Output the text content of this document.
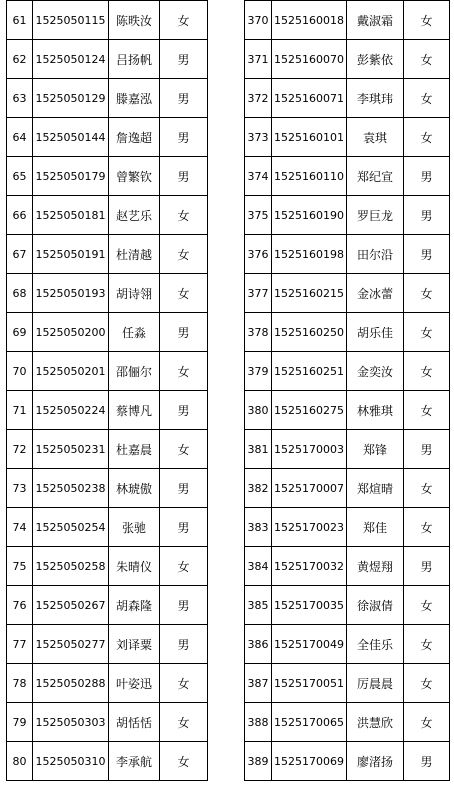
61	1525050115	陈昳汝	女
62	1525050124	吕扬帆	男
63	1525050129	滕嘉泓	男
64	1525050144	詹逸超	男
65	1525050179	曾繁钦	男
66	1525050181	赵艺乐	女
67	1525050191	杜清越	女
68	1525050193	胡诗翎	女
69	1525050200	任淼	男
70	1525050201	邵俪尔	女
71	1525050224	蔡博凡	男
72	1525050231	杜嘉晨	女
73	1525050238	林琥傲	男
74	1525050254	张驰	男
75	1525050258	朱晴仪	女
76	1525050267	胡森隆	男
77	1525050277	刘译粟	男
78	1525050288	叶姿迅	女
79	1525050303	胡恬恬	女
80	1525050310	李承航	女
370	1525160018	戴淑霜	女
371	1525160070	彭紫依	女
372	1525160071	李琪玮	女
373	1525160101	袁琪	女
374	1525160110	郑纪宣	男
375	1525160190	罗巨龙	男
376	1525160198	田尔沿	男
377	1525160215	金冰蕾	女
378	1525160250	胡乐佳	女
379	1525160251	金奕汝	女
380	1525160275	林雅琪	女
381	1525170003	郑锋	男
382	1525170007	郑煊晴	女
383	1525170023	郑佳	女
384	1525170032	黄煜翔	男
385	1525170035	徐淑倩	女
386	1525170049	全佳乐	女
387	1525170051	厉晨晨	女
388	1525170065	洪慧欣	女
389	1525170069	廖渚扬	男
